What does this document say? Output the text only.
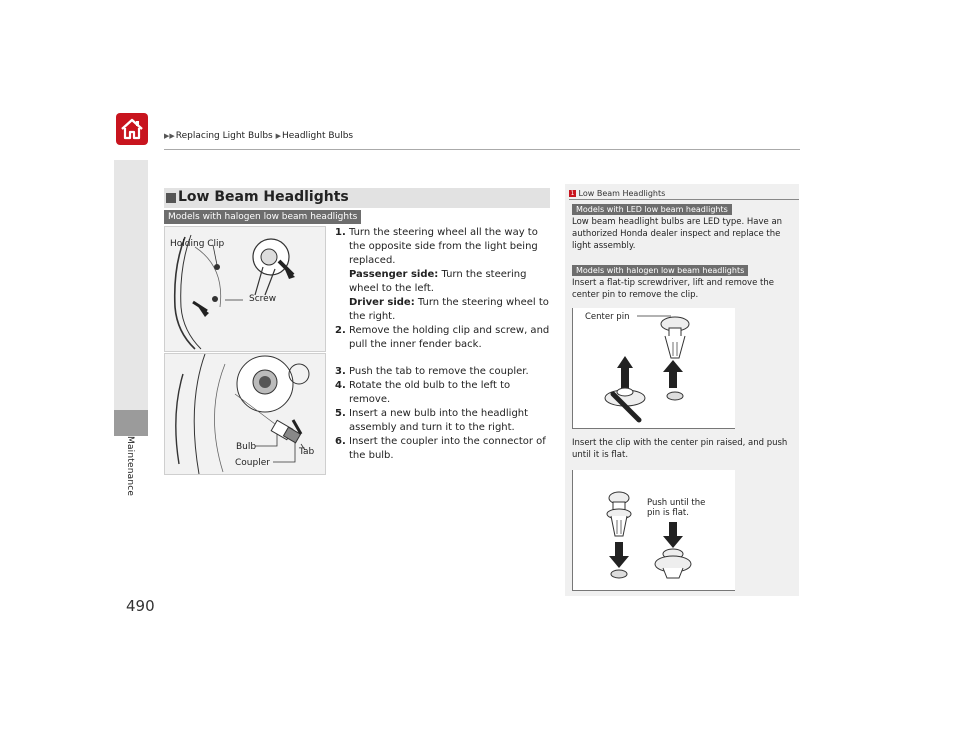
▶▶Replacing Light Bulbs ▶Headlight Bulbs
Maintenance
Low Beam Headlights
Models with halogen low beam headlights
Holding Clip
Screw
Bulb	Tab
Coupler
1. Turn the steering wheel all the way to the opposite side from the light being replaced.
Passenger side: Turn the steering wheel to the left.
Driver side: Turn the steering wheel to the right.
2. Remove the holding clip and screw, and pull the inner fender back.
3. Push the tab to remove the coupler.
4. Rotate the old bulb to the left to remove.
5. Insert a new bulb into the headlight assembly and turn it to the right.
6. Insert the coupler into the connector of the bulb.
1 Low Beam Headlights
Models with LED low beam headlights
Low beam headlight bulbs are LED type. Have an authorized Honda dealer inspect and replace the light assembly.
Models with halogen low beam headlights
Insert a flat-tip screwdriver, lift and remove the center pin to remove the clip.
Center pin
Insert the clip with the center pin raised, and push until it is flat.
Push until the
pin is flat.
490
